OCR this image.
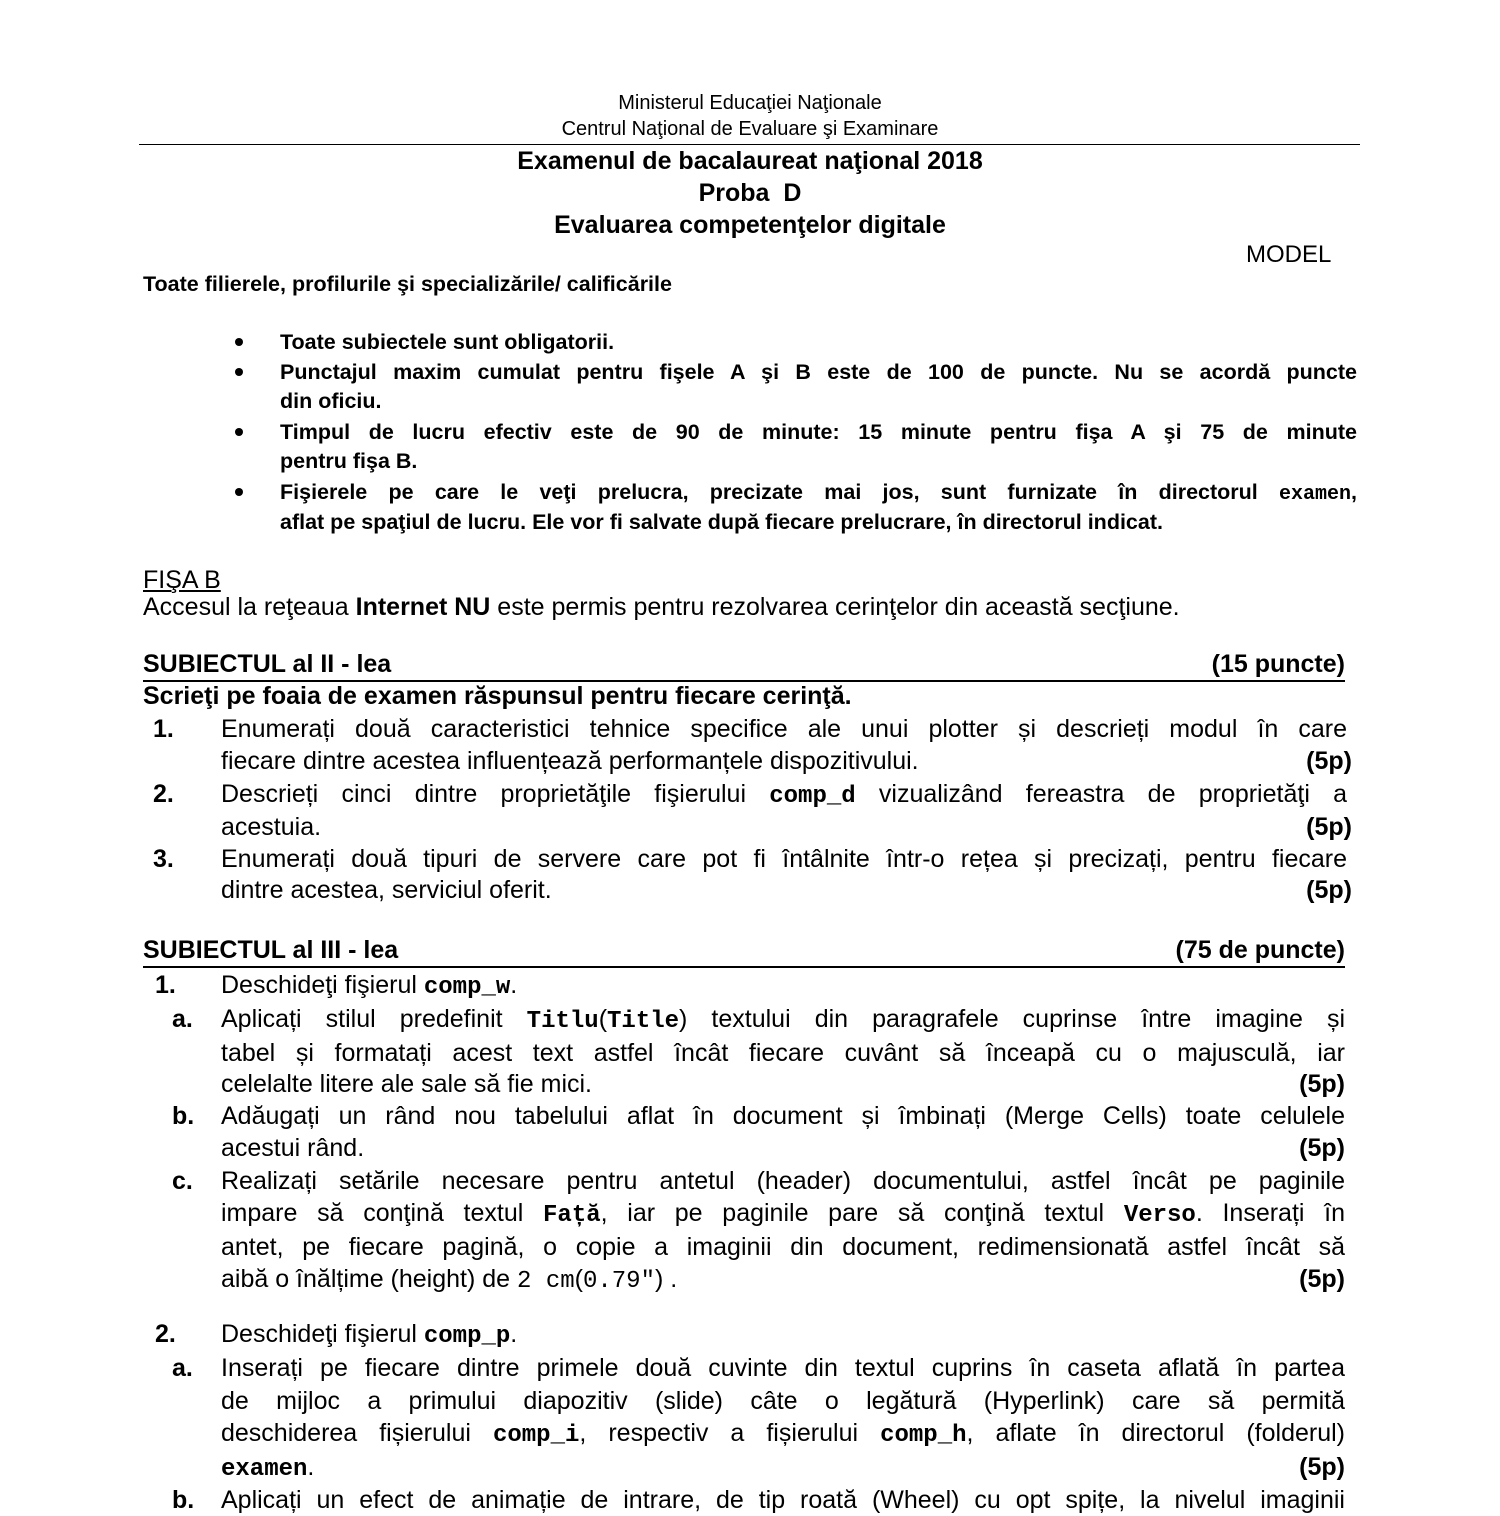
Ministerul Educaţiei Naţionale
Centrul Naţional de Evaluare şi Examinare
Examenul de bacalaureat naţional 2018
Proba  D
Evaluarea competenţelor digitale
MODEL
Toate filierele, profilurile şi specializările/ calificările
Toate subiectele sunt obligatorii.
Punctajul maxim cumulat pentru fişele A şi B este de 100 de puncte. Nu se acordă puncte
din oficiu.
Timpul de lucru efectiv este de 90 de minute: 15 minute pentru fişa A şi 75 de minute
pentru fişa B.
Fişierele pe care le veţi prelucra, precizate mai jos, sunt furnizate în directorul examen,
aflat pe spaţiul de lucru. Ele vor fi salvate după fiecare prelucrare, în directorul indicat.
FIŞA B
Accesul la reţeaua Internet NU este permis pentru rezolvarea cerinţelor din această secţiune.
SUBIECTUL al II - lea	(15 puncte)
Scrieţi pe foaia de examen răspunsul pentru fiecare cerinţă.
1. Enumerați două caracteristici tehnice specifice ale unui plotter și descrieți modul în care
fiecare dintre acestea influențează performanțele dispozitivului.	(5p)
2. Descrieți cinci dintre proprietăţile fişierului comp_d vizualizând fereastra de proprietăţi a
acestuia.	(5p)
3. Enumerați două tipuri de servere care pot fi întâlnite într-o rețea și precizați, pentru fiecare
dintre acestea, serviciul oferit.	(5p)
SUBIECTUL al III - lea	(75 de puncte)
1. Deschideţi fişierul comp_w.
a. Aplicați stilul predefinit Titlu(Title) textului din paragrafele cuprinse între imagine și
tabel și formatați acest text astfel încât fiecare cuvânt să înceapă cu o majusculă, iar
celelalte litere ale sale să fie mici.	(5p)
b. Adăugați un rând nou tabelului aflat în document și îmbinați (Merge Cells) toate celulele
acestui rând.	(5p)
c. Realizați setările necesare pentru antetul (header) documentului, astfel încât pe paginile
impare să conţină textul Față, iar pe paginile pare să conţină textul Verso. Inserați în
antet, pe fiecare pagină, o copie a imaginii din document, redimensionată astfel încât să
aibă o înălțime (height) de 2 cm(0.79″) .	(5p)
2. Deschideţi fişierul comp_p.
a. Inserați pe fiecare dintre primele două cuvinte din textul cuprins în caseta aflată în partea
de mijloc a primului diapozitiv (slide) câte o legătură (Hyperlink) care să permită
deschiderea fișierului comp_i, respectiv a fișierului comp_h, aflate în directorul (folderul)
examen.	(5p)
b. Aplicați un efect de animație de intrare, de tip roată (Wheel) cu opt spițe, la nivelul imaginii
